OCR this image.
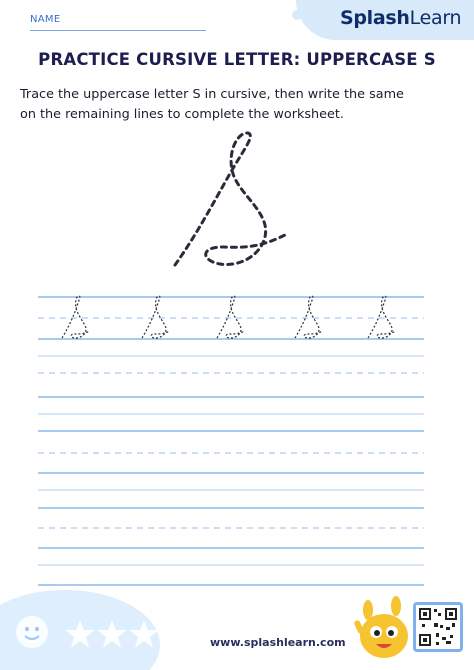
NAME	SplashLearn
PRACTICE CURSIVE LETTER: UPPERCASE S
Trace the uppercase letter S in cursive, then write the same
on the remaining lines to complete the worksheet.
www.splashlearn.com
